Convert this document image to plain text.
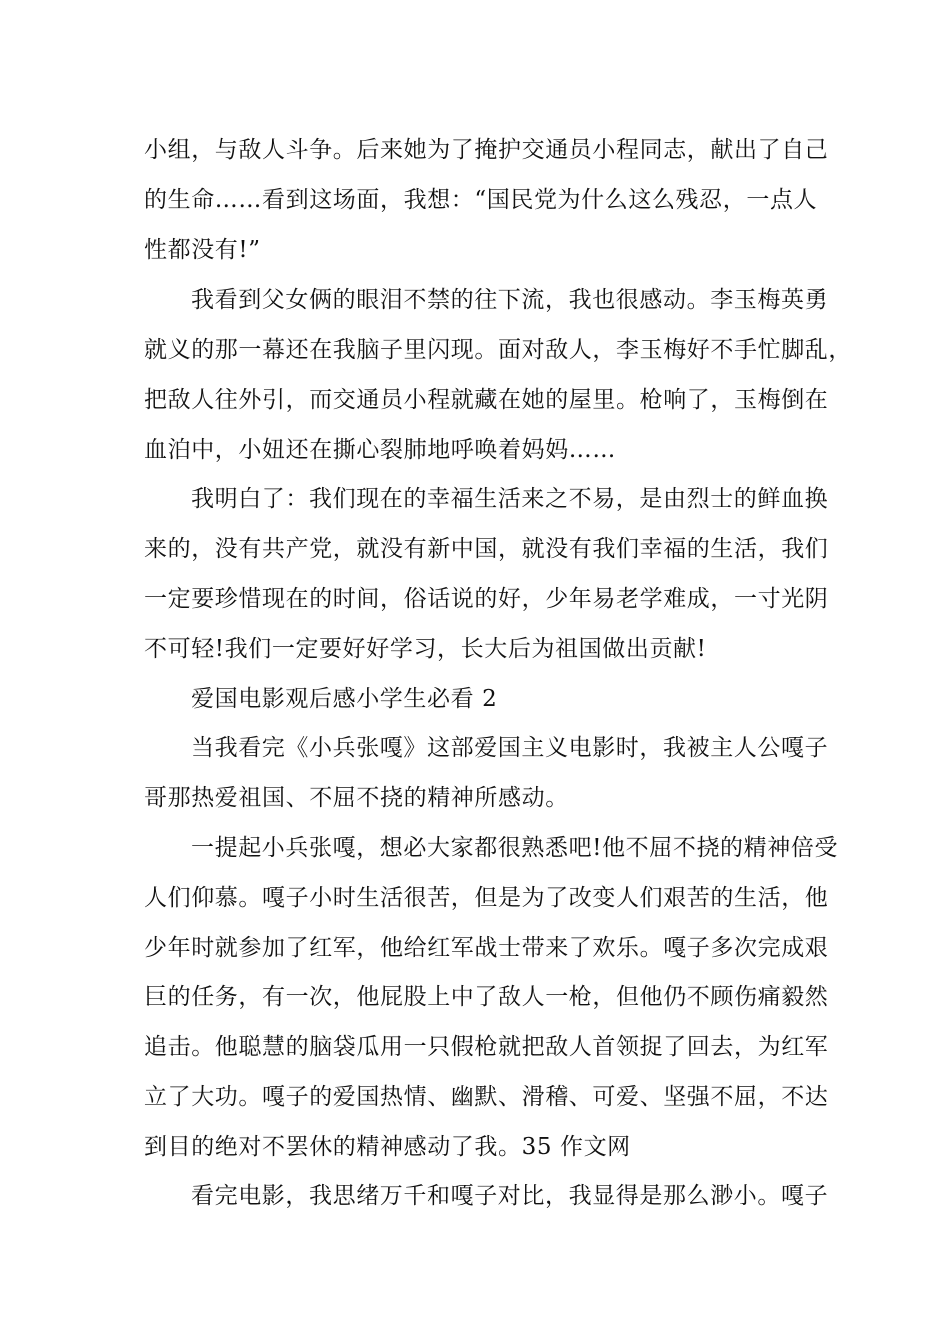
小组，与敌人斗争。后来她为了掩护交通员小程同志，献出了自己
的生命……看到这场面，我想：“国民党为什么这么残忍，一点人
性都没有!”
我看到父女俩的眼泪不禁的往下流，我也很感动。李玉梅英勇
就义的那一幕还在我脑子里闪现。面对敌人，李玉梅好不手忙脚乱，
把敌人往外引，而交通员小程就藏在她的屋里。枪响了，玉梅倒在
血泊中，小妞还在撕心裂肺地呼唤着妈妈……
我明白了：我们现在的幸福生活来之不易，是由烈士的鲜血换
来的，没有共产党，就没有新中国，就没有我们幸福的生活，我们
一定要珍惜现在的时间，俗话说的好，少年易老学难成，一寸光阴
不可轻!我们一定要好好学习，长大后为祖国做出贡献!
爱国电影观后感小学生必看 2
当我看完《小兵张嘎》这部爱国主义电影时，我被主人公嘎子
哥那热爱祖国、不屈不挠的精神所感动。
一提起小兵张嘎，想必大家都很熟悉吧!他不屈不挠的精神倍受
人们仰慕。嘎子小时生活很苦，但是为了改变人们艰苦的生活，他
少年时就参加了红军，他给红军战士带来了欢乐。嘎子多次完成艰
巨的任务，有一次，他屁股上中了敌人一枪，但他仍不顾伤痛毅然
追击。他聪慧的脑袋瓜用一只假枪就把敌人首领捉了回去，为红军
立了大功。嘎子的爱国热情、幽默、滑稽、可爱、坚强不屈，不达
到目的绝对不罢休的精神感动了我。35 作文网
看完电影，我思绪万千和嘎子对比，我显得是那么渺小。嘎子
